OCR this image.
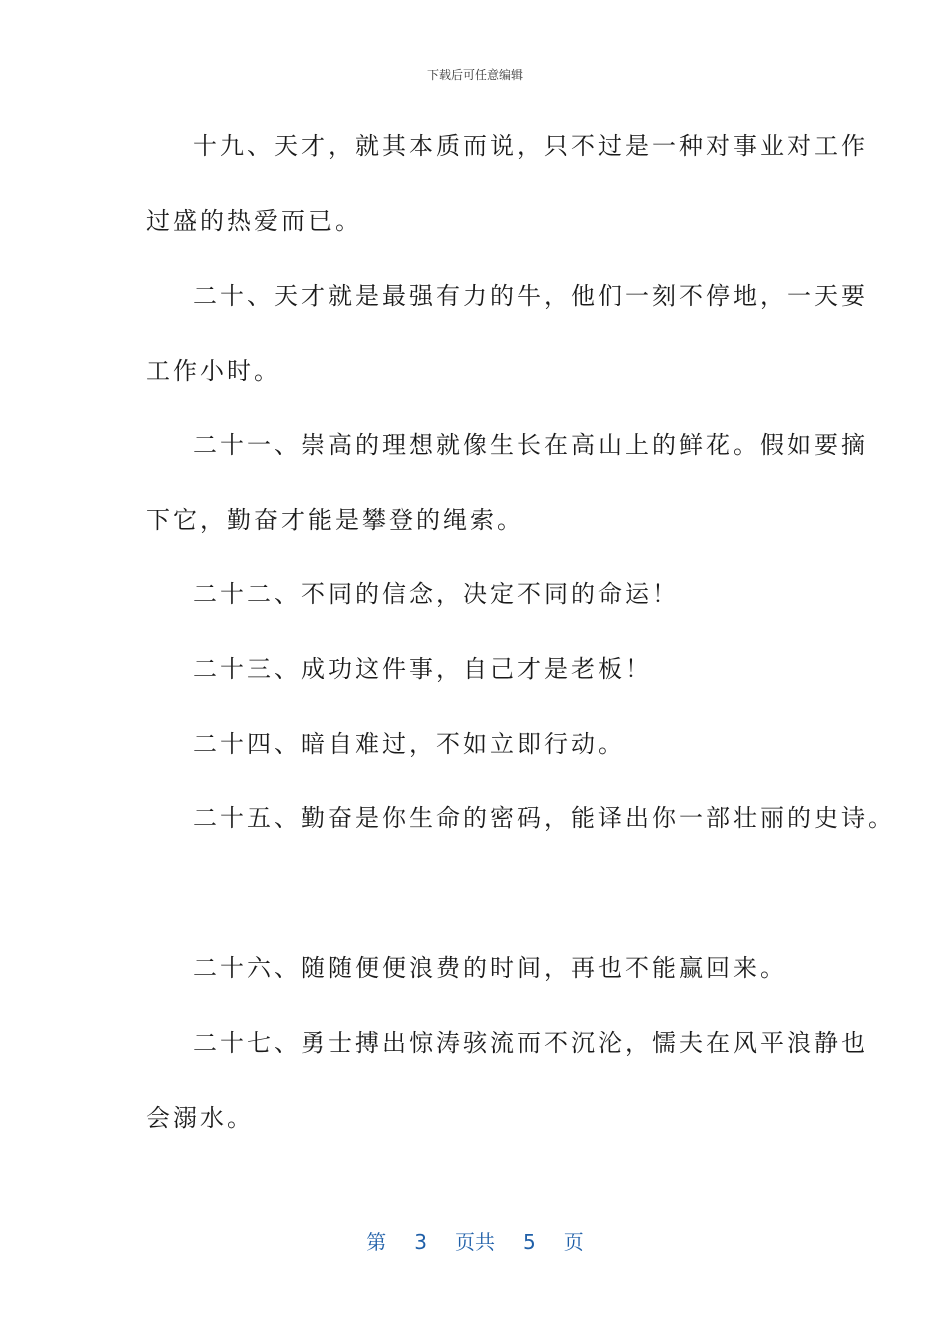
下载后可任意编辑
十九、天才，就其本质而说，只不过是一种对事业对工作
过盛的热爱而已。
二十、天才就是最强有力的牛，他们一刻不停地，一天要
工作小时。
二十一、崇高的理想就像生长在高山上的鲜花。假如要摘
下它，勤奋才能是攀登的绳索。
二十二、不同的信念，决定不同的命运！
二十三、成功这件事，自己才是老板！
二十四、暗自难过，不如立即行动。
二十五、勤奋是你生命的密码，能译出你一部壮丽的史诗。
二十六、随随便便浪费的时间，再也不能赢回来。
二十七、勇士搏出惊涛骇流而不沉沦，懦夫在风平浪静也
会溺水。
第 3 页共 5 页
